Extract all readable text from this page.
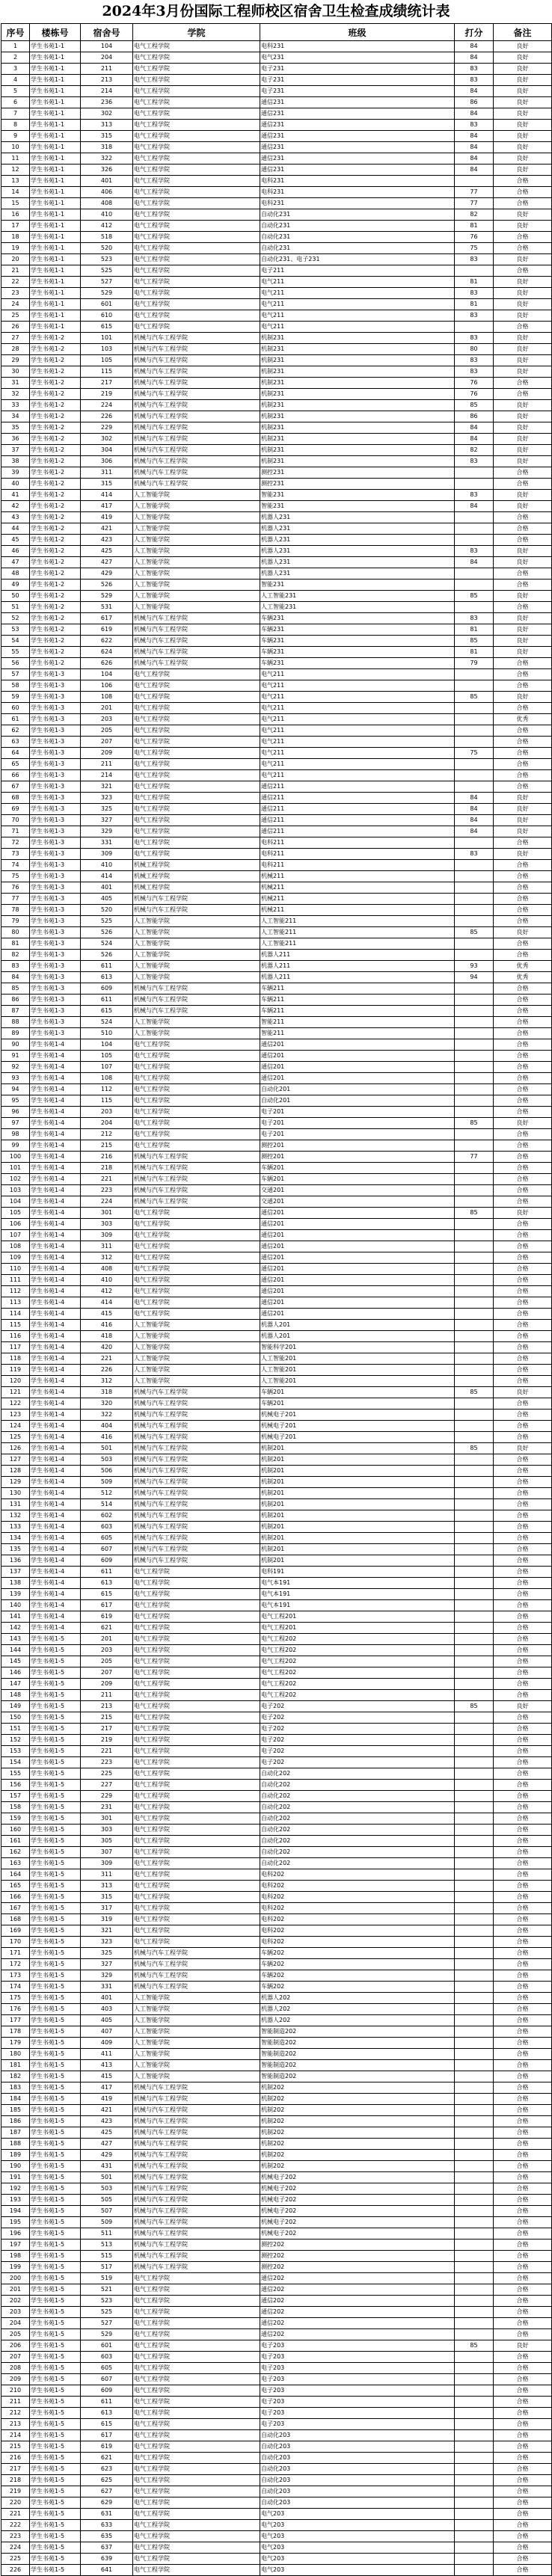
2024年3月份国际工程师校区宿舍卫生检查成绩统计表
序号	楼栋号	宿舍号	学院	班级	打分	备注
1	学生书苑1-1	104	电气工程学院	电科231	84	良好
2	学生书苑1-1	204	电气工程学院	电气231	84	良好
3	学生书苑1-1	211	电气工程学院	电子231	83	良好
4	学生书苑1-1	213	电气工程学院	电子231	83	良好
5	学生书苑1-1	214	电气工程学院	电子231	84	良好
6	学生书苑1-1	236	电气工程学院	通信231	86	良好
7	学生书苑1-1	302	电气工程学院	通信231	84	良好
8	学生书苑1-1	313	电气工程学院	通信231	83	良好
9	学生书苑1-1	315	电气工程学院	通信231	84	良好
10	学生书苑1-1	318	电气工程学院	通信231	84	良好
11	学生书苑1-1	322	电气工程学院	通信231	84	良好
12	学生书苑1-1	326	电气工程学院	通信231	84	良好
13	学生书苑1-1	401	电气工程学院	电科231		合格
14	学生书苑1-1	406	电气工程学院	电科231	77	合格
15	学生书苑1-1	408	电气工程学院	电科231	77	合格
16	学生书苑1-1	410	电气工程学院	自动化231	82	良好
17	学生书苑1-1	412	电气工程学院	自动化231	81	良好
18	学生书苑1-1	518	电气工程学院	自动化231	76	合格
19	学生书苑1-1	520	电气工程学院	自动化231	75	合格
20	学生书苑1-1	523	电气工程学院	自动化231、电子231	83	良好
21	学生书苑1-1	525	电气工程学院	电子211		合格
22	学生书苑1-1	527	电气工程学院	电气211	81	良好
23	学生书苑1-1	529	电气工程学院	电气211	83	良好
24	学生书苑1-1	601	电气工程学院	电气211	81	良好
25	学生书苑1-1	610	电气工程学院	电气211	83	良好
26	学生书苑1-1	615	电气工程学院	电气211		合格
27	学生书苑1-2	101	机械与汽车工程学院	机制231	83	良好
28	学生书苑1-2	103	机械与汽车工程学院	机制231	80	良好
29	学生书苑1-2	105	机械与汽车工程学院	机制231	83	良好
30	学生书苑1-2	115	机械与汽车工程学院	机制231	83	良好
31	学生书苑1-2	217	机械与汽车工程学院	机制231	76	合格
32	学生书苑1-2	219	机械与汽车工程学院	机制231	76	合格
33	学生书苑1-2	224	机械与汽车工程学院	机制231	85	良好
34	学生书苑1-2	226	机械与汽车工程学院	机制231	86	良好
35	学生书苑1-2	229	机械与汽车工程学院	机制231	84	良好
36	学生书苑1-2	302	机械与汽车工程学院	机制231	84	良好
37	学生书苑1-2	304	机械与汽车工程学院	机制231	82	良好
38	学生书苑1-2	306	机械与汽车工程学院	机制231	83	良好
39	学生书苑1-2	311	机械与汽车工程学院	测控231		合格
40	学生书苑1-2	315	机械与汽车工程学院	测控231		合格
41	学生书苑1-2	414	人工智能学院	智能231	83	良好
42	学生书苑1-2	417	人工智能学院	智能231	84	良好
43	学生书苑1-2	419	人工智能学院	机器人231		合格
44	学生书苑1-2	421	人工智能学院	机器人231		合格
45	学生书苑1-2	423	人工智能学院	机器人231		合格
46	学生书苑1-2	425	人工智能学院	机器人231	83	良好
47	学生书苑1-2	427	人工智能学院	机器人231	84	良好
48	学生书苑1-2	429	人工智能学院	机器人231		合格
49	学生书苑1-2	526	人工智能学院	智能231		合格
50	学生书苑1-2	529	人工智能学院	人工智能231	85	良好
51	学生书苑1-2	531	人工智能学院	人工智能231		合格
52	学生书苑1-2	617	机械与汽车工程学院	车辆231	83	良好
53	学生书苑1-2	619	机械与汽车工程学院	车辆231	81	良好
54	学生书苑1-2	622	机械与汽车工程学院	车辆231	85	良好
55	学生书苑1-2	624	机械与汽车工程学院	车辆231	81	良好
56	学生书苑1-2	626	机械与汽车工程学院	车辆231	79	合格
57	学生书苑1-3	104	电气工程学院	电气211		合格
58	学生书苑1-3	106	电气工程学院	电气211		合格
59	学生书苑1-3	108	电气工程学院	电气211	85	良好
60	学生书苑1-3	201	电气工程学院	电气211		合格
61	学生书苑1-3	203	电气工程学院	电气211		优秀
62	学生书苑1-3	205	电气工程学院	电气211		合格
63	学生书苑1-3	207	电气工程学院	电气211		合格
64	学生书苑1-3	209	电气工程学院	电气211	75	合格
65	学生书苑1-3	211	电气工程学院	电气211		合格
66	学生书苑1-3	214	电气工程学院	电气211		合格
67	学生书苑1-3	321	电气工程学院	通信211		合格
68	学生书苑1-3	323	电气工程学院	通信211	84	良好
69	学生书苑1-3	325	电气工程学院	通信211	84	良好
70	学生书苑1-3	327	电气工程学院	通信211	84	良好
71	学生书苑1-3	329	电气工程学院	通信211	84	良好
72	学生书苑1-3	331	电气工程学院	电科211		合格
73	学生书苑1-3	309	电气工程学院	电科211	83	良好
74	学生书苑1-3	410	机械工程学院	电科211		合格
75	学生书苑1-3	414	机械工程学院	机械211		合格
76	学生书苑1-3	401	机械工程学院	机械211		合格
77	学生书苑1-3	405	机械与汽车工程学院	机械211		合格
78	学生书苑1-3	520	机械与汽车工程学院	机械211		合格
79	学生书苑1-3	525	人工智能学院	人工智能211		合格
80	学生书苑1-3	526	人工智能学院	人工智能211	85	良好
81	学生书苑1-3	524	人工智能学院	人工智能211		合格
82	学生书苑1-3	526	人工智能学院	机器人211		合格
83	学生书苑1-3	611	人工智能学院	机器人211	93	优秀
84	学生书苑1-3	613	人工智能学院	机器人211	94	优秀
85	学生书苑1-3	609	机械与汽车工程学院	车辆211		合格
86	学生书苑1-3	611	机械与汽车工程学院	车辆211		合格
87	学生书苑1-3	615	机械与汽车工程学院	车辆211		合格
88	学生书苑1-3	524	人工智能学院	智能211		合格
89	学生书苑1-3	510	人工智能学院	智能211		合格
90	学生书苑1-4	104	电气工程学院	通信201		合格
91	学生书苑1-4	105	电气工程学院	通信201		合格
92	学生书苑1-4	107	电气工程学院	通信201		合格
93	学生书苑1-4	108	电气工程学院	通信201		合格
94	学生书苑1-4	112	电气工程学院	自动化201		合格
95	学生书苑1-4	115	电气工程学院	自动化201		合格
96	学生书苑1-4	203	电气工程学院	电子201		合格
97	学生书苑1-4	204	电气工程学院	电子201	85	良好
98	学生书苑1-4	212	电气工程学院	电子201		合格
99	学生书苑1-4	215	电气工程学院	测控201		合格
100	学生书苑1-4	216	机械与汽车工程学院	测控201	77	合格
101	学生书苑1-4	218	机械与汽车工程学院	车辆201		合格
102	学生书苑1-4	221	机械与汽车工程学院	车辆201		合格
103	学生书苑1-4	223	机械与汽车工程学院	交通201		合格
104	学生书苑1-4	224	机械与汽车工程学院	交通201		合格
105	学生书苑1-4	301	电气工程学院	通信201	85	良好
106	学生书苑1-4	303	电气工程学院	通信201		合格
107	学生书苑1-4	309	电气工程学院	通信201		合格
108	学生书苑1-4	311	电气工程学院	通信201		合格
109	学生书苑1-4	312	电气工程学院	通信201		合格
110	学生书苑1-4	408	电气工程学院	通信201		合格
111	学生书苑1-4	410	电气工程学院	通信201		合格
112	学生书苑1-4	412	电气工程学院	通信201		合格
113	学生书苑1-4	414	电气工程学院	通信201		合格
114	学生书苑1-4	415	电气工程学院	通信201		合格
115	学生书苑1-4	416	人工智能学院	机器人201		合格
116	学生书苑1-4	418	人工智能学院	机器人201		合格
117	学生书苑1-4	420	人工智能学院	智能科学201		合格
118	学生书苑1-4	221	人工智能学院	人工智能201		合格
119	学生书苑1-4	226	人工智能学院	人工智能201		合格
120	学生书苑1-4	312	人工智能学院	人工智能201		合格
121	学生书苑1-4	318	机械与汽车工程学院	车辆201	85	良好
122	学生书苑1-4	320	机械与汽车工程学院	车辆201		合格
123	学生书苑1-4	322	机械与汽车工程学院	机械电子201		合格
124	学生书苑1-4	404	机械与汽车工程学院	机械电子201		合格
125	学生书苑1-4	416	机械与汽车工程学院	机械电子201		合格
126	学生书苑1-4	501	机械与汽车工程学院	机制201	85	良好
127	学生书苑1-4	503	机械与汽车工程学院	机制201		合格
128	学生书苑1-4	506	机械与汽车工程学院	机制201		合格
129	学生书苑1-4	509	机械与汽车工程学院	机制201		合格
130	学生书苑1-4	512	机械与汽车工程学院	机制201		合格
131	学生书苑1-4	514	机械与汽车工程学院	机制201		合格
132	学生书苑1-4	602	机械与汽车工程学院	机制201		合格
133	学生书苑1-4	603	机械与汽车工程学院	机制201		合格
134	学生书苑1-4	605	机械与汽车工程学院	机制201		合格
135	学生书苑1-4	607	机械与汽车工程学院	机制201		合格
136	学生书苑1-4	609	机械与汽车工程学院	机制201		合格
137	学生书苑1-4	611	电气工程学院	电科191		合格
138	学生书苑1-4	613	电气工程学院	电气本191		合格
139	学生书苑1-4	615	电气工程学院	电气本191		合格
140	学生书苑1-4	617	电气工程学院	电气本191		合格
141	学生书苑1-4	619	电气工程学院	电气工程201		合格
142	学生书苑1-4	621	电气工程学院	电气工程201		合格
143	学生书苑1-5	201	电气工程学院	电气工程202		合格
144	学生书苑1-5	203	电气工程学院	电气工程202		合格
145	学生书苑1-5	205	电气工程学院	电气工程202		合格
146	学生书苑1-5	207	电气工程学院	电气工程202		合格
147	学生书苑1-5	209	电气工程学院	电气工程202		合格
148	学生书苑1-5	211	电气工程学院	电气工程202		合格
149	学生书苑1-5	213	电气工程学院	电子202	85	良好
150	学生书苑1-5	215	电气工程学院	电子202		合格
151	学生书苑1-5	217	电气工程学院	电子202		合格
152	学生书苑1-5	219	电气工程学院	电子202		合格
153	学生书苑1-5	221	电气工程学院	电子202		合格
154	学生书苑1-5	223	电气工程学院	电子202		合格
155	学生书苑1-5	225	电气工程学院	自动化202		合格
156	学生书苑1-5	227	电气工程学院	自动化202		合格
157	学生书苑1-5	229	电气工程学院	自动化202		合格
158	学生书苑1-5	231	电气工程学院	自动化202		合格
159	学生书苑1-5	301	电气工程学院	自动化202		合格
160	学生书苑1-5	303	电气工程学院	自动化202		合格
161	学生书苑1-5	305	电气工程学院	自动化202		合格
162	学生书苑1-5	307	电气工程学院	自动化202		合格
163	学生书苑1-5	309	电气工程学院	自动化202		合格
164	学生书苑1-5	311	电气工程学院	电科202		合格
165	学生书苑1-5	313	电气工程学院	电科202		合格
166	学生书苑1-5	315	电气工程学院	电科202		合格
167	学生书苑1-5	317	电气工程学院	电科202		合格
168	学生书苑1-5	319	电气工程学院	电科202		合格
169	学生书苑1-5	321	电气工程学院	电科202		合格
170	学生书苑1-5	323	电气工程学院	电科202		合格
171	学生书苑1-5	325	机械与汽车工程学院	车辆202		合格
172	学生书苑1-5	327	机械与汽车工程学院	车辆202		合格
173	学生书苑1-5	329	机械与汽车工程学院	车辆202		合格
174	学生书苑1-5	331	机械与汽车工程学院	车辆202		合格
175	学生书苑1-5	401	人工智能学院	机器人202		合格
176	学生书苑1-5	403	人工智能学院	机器人202		合格
177	学生书苑1-5	405	人工智能学院	机器人202		合格
178	学生书苑1-5	407	人工智能学院	智能制造202		合格
179	学生书苑1-5	409	人工智能学院	智能制造202		合格
180	学生书苑1-5	411	人工智能学院	智能制造202		合格
181	学生书苑1-5	413	人工智能学院	智能制造202		合格
182	学生书苑1-5	415	人工智能学院	智能制造202		合格
183	学生书苑1-5	417	机械与汽车工程学院	机制202		合格
184	学生书苑1-5	419	机械与汽车工程学院	机制202		合格
185	学生书苑1-5	421	机械与汽车工程学院	机制202		合格
186	学生书苑1-5	423	机械与汽车工程学院	机制202		合格
187	学生书苑1-5	425	机械与汽车工程学院	机制202		合格
188	学生书苑1-5	427	机械与汽车工程学院	机制202		合格
189	学生书苑1-5	429	机械与汽车工程学院	机制202		合格
190	学生书苑1-5	431	机械与汽车工程学院	机制202		合格
191	学生书苑1-5	501	机械与汽车工程学院	机械电子202		合格
192	学生书苑1-5	503	机械与汽车工程学院	机械电子202		合格
193	学生书苑1-5	505	机械与汽车工程学院	机械电子202		合格
194	学生书苑1-5	507	机械与汽车工程学院	机械电子202		合格
195	学生书苑1-5	509	机械与汽车工程学院	机械电子202		合格
196	学生书苑1-5	511	机械与汽车工程学院	机械电子202		合格
197	学生书苑1-5	513	机械与汽车工程学院	测控202		合格
198	学生书苑1-5	515	机械与汽车工程学院	测控202		合格
199	学生书苑1-5	517	机械与汽车工程学院	测控202		合格
200	学生书苑1-5	519	电气工程学院	通信202		合格
201	学生书苑1-5	521	电气工程学院	通信202		合格
202	学生书苑1-5	523	电气工程学院	通信202		合格
203	学生书苑1-5	525	电气工程学院	通信202		合格
204	学生书苑1-5	527	电气工程学院	通信202		合格
205	学生书苑1-5	529	电气工程学院	通信202		合格
206	学生书苑1-5	601	电气工程学院	电子203	85	良好
207	学生书苑1-5	603	电气工程学院	电子203		合格
208	学生书苑1-5	605	电气工程学院	电子203		合格
209	学生书苑1-5	607	电气工程学院	电子203		合格
210	学生书苑1-5	609	电气工程学院	电子203		合格
211	学生书苑1-5	611	电气工程学院	电子203		合格
212	学生书苑1-5	613	电气工程学院	电子203		合格
213	学生书苑1-5	615	电气工程学院	电子203		合格
214	学生书苑1-5	617	电气工程学院	自动化203		合格
215	学生书苑1-5	619	电气工程学院	自动化203		合格
216	学生书苑1-5	621	电气工程学院	自动化203		合格
217	学生书苑1-5	623	电气工程学院	自动化203		合格
218	学生书苑1-5	625	电气工程学院	自动化203		合格
219	学生书苑1-5	627	电气工程学院	自动化203		合格
220	学生书苑1-5	629	电气工程学院	自动化203		合格
221	学生书苑1-5	631	电气工程学院	电气203		合格
222	学生书苑1-5	633	电气工程学院	电气203		合格
223	学生书苑1-5	635	电气工程学院	电气203		合格
224	学生书苑1-5	637	电气工程学院	电气203		合格
225	学生书苑1-5	639	电气工程学院	电气203		合格
226	学生书苑1-5	641	电气工程学院	电气203		合格
